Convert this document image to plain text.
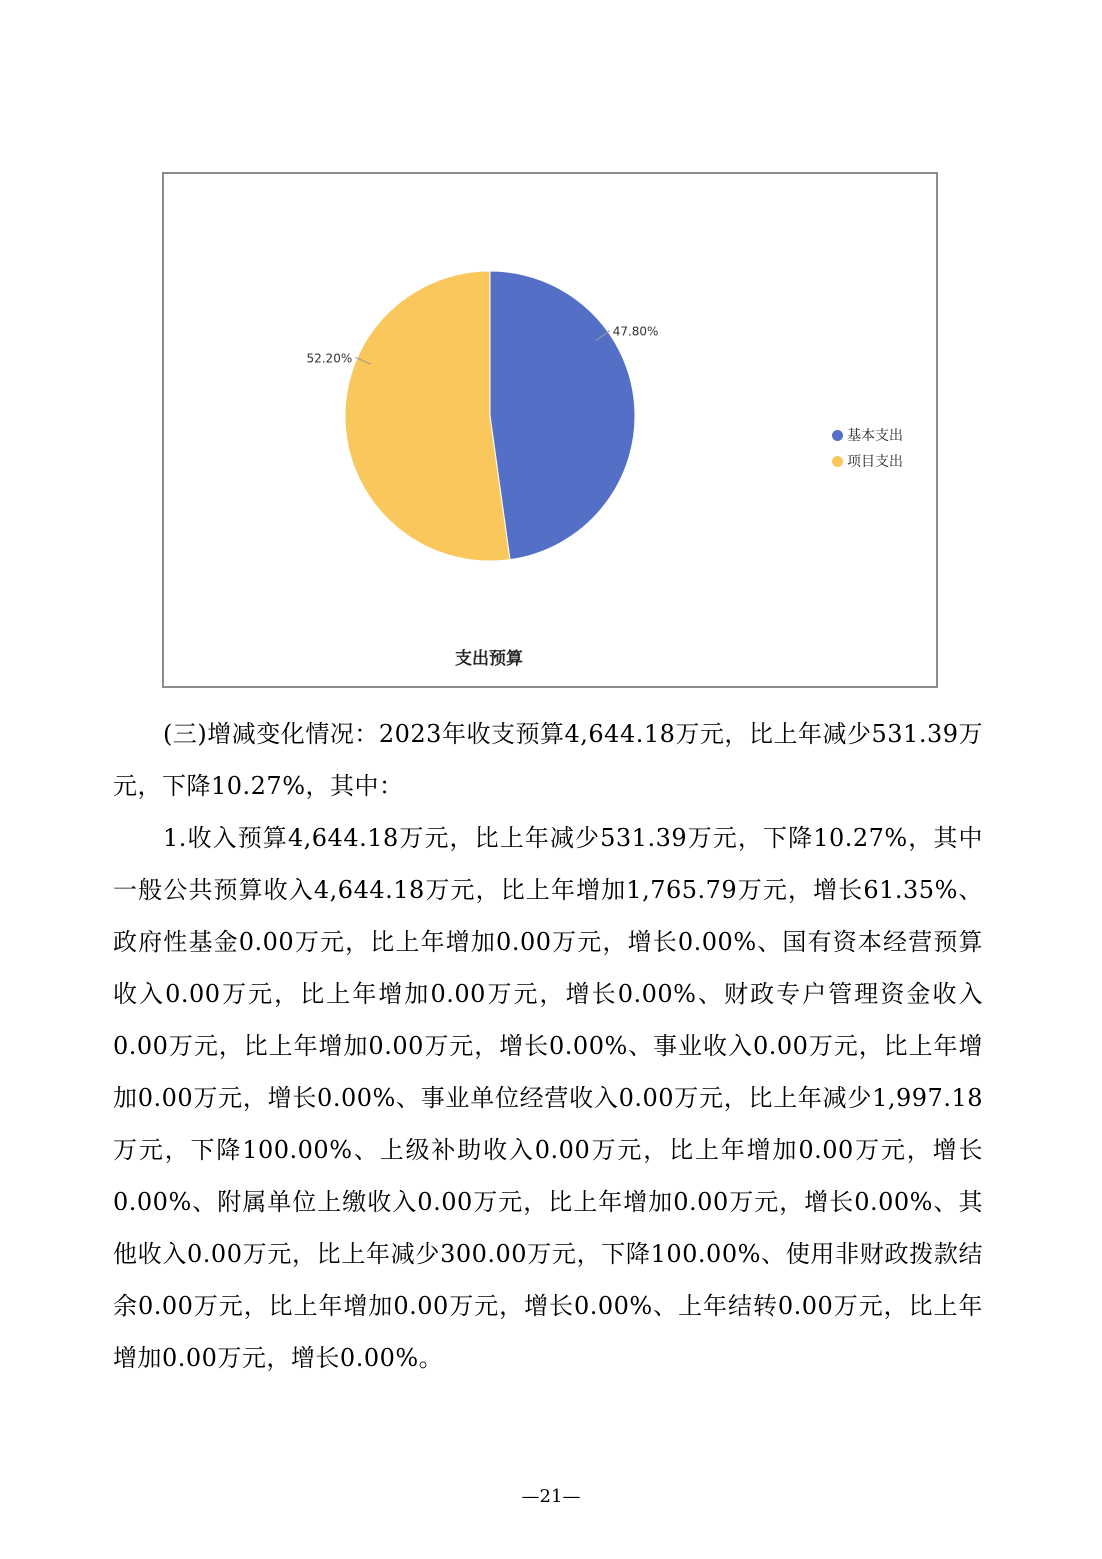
47.80%
52.20%
基本支出
项目支出
支出预算

(三)增减变化情况：2023年收支预算4,644.18万元，比上年减少531.39万元，下降10.27%，其中：

1.收入预算4,644.18万元，比上年减少531.39万元，下降10.27%，其中一般公共预算收入4,644.18万元，比上年增加1,765.79万元，增长61.35%、政府性基金0.00万元，比上年增加0.00万元，增长0.00%、国有资本经营预算收入0.00万元，比上年增加0.00万元，增长0.00%、财政专户管理资金收入0.00万元，比上年增加0.00万元，增长0.00%、事业收入0.00万元，比上年增加0.00万元，增长0.00%、事业单位经营收入0.00万元，比上年减少1,997.18万元，下降100.00%、上级补助收入0.00万元，比上年增加0.00万元，增长0.00%、附属单位上缴收入0.00万元，比上年增加0.00万元，增长0.00%、其他收入0.00万元，比上年减少300.00万元，下降100.00%、使用非财政拨款结余0.00万元，比上年增加0.00万元，增长0.00%、上年结转0.00万元，比上年增加0.00万元，增长0.00%。

—21—
